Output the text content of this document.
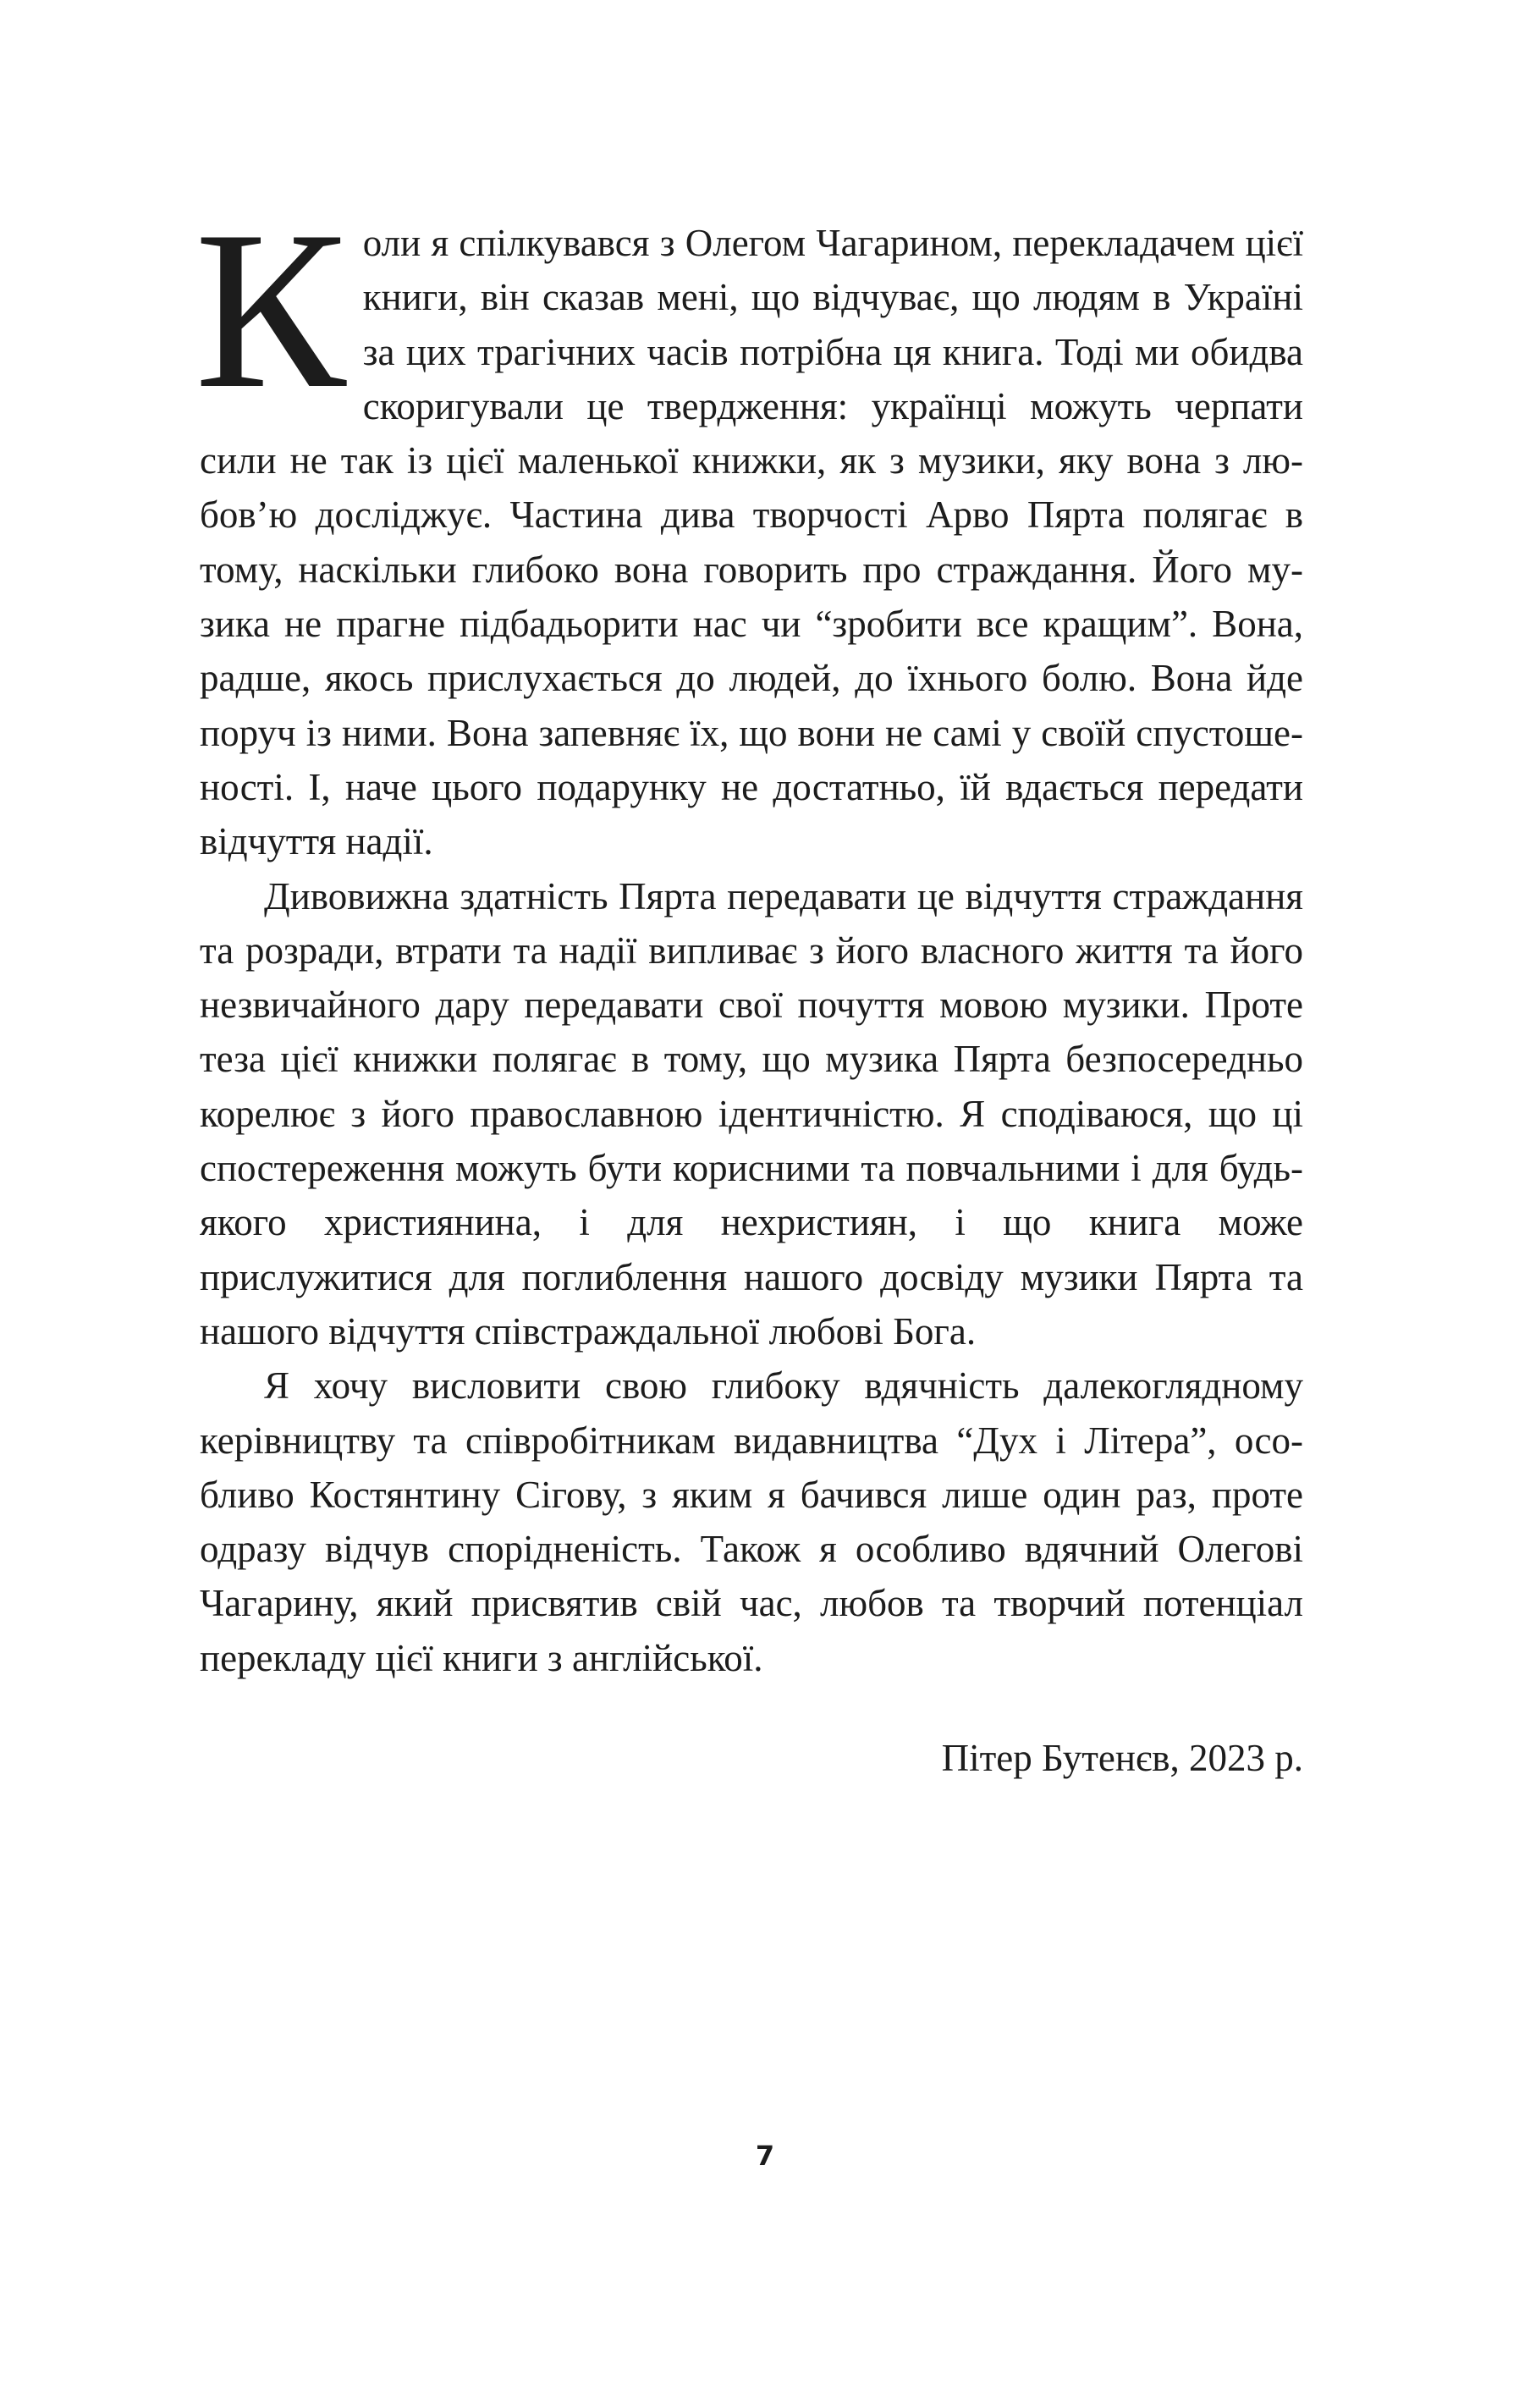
Коли я спілкувався з Олегом Чагарином, перекладачем цієї книги, він сказав мені, що відчуває, що людям в Україні за цих трагічних часів потрібна ця книга. Тоді ми обидва скоригували це твердження: українці можуть черпати сили не так із цієї маленької книжки, як з музики, яку вона з любов’ю досліджує. Частина дива творчості Арво Пярта полягає в тому, наскільки глибоко вона говорить про страждання. Його музика не прагне підбадьорити нас чи “зробити все кращим”. Вона, радше, якось прислухається до людей, до їхнього болю. Вона йде поруч із ними. Вона запевняє їх, що вони не самі у своїй спустошеності. І, наче цього подарунку не достатньо, їй вдається передати відчуття надії.

Дивовижна здатність Пярта передавати це відчуття страждання та розради, втрати та надії випливає з його власного життя та його незвичайного дару передавати свої почуття мовою музики. Проте теза цієї книжки полягає в тому, що музика Пярта безпосередньо корелює з його православною ідентичністю. Я сподіваюся, що ці спостереження можуть бути корисними та повчальними і для будь-якого християнина, і для нехристиян, і що книга може прислужитися для поглиблення нашого досвіду музики Пярта та нашого відчуття співстраждальної любові Бога.

Я хочу висловити свою глибоку вдячність далекоглядному керівництву та співробітникам видавництва “Дух і Літера”, особливо Костянтину Сігову, з яким я бачився лише один раз, проте одразу відчув спорідненість. Також я особливо вдячний Олегові Чагарину, який присвятив свій час, любов та творчий потенціал перекладу цієї книги з англійської.

Пітер Бутенєв, 2023 р.
7
